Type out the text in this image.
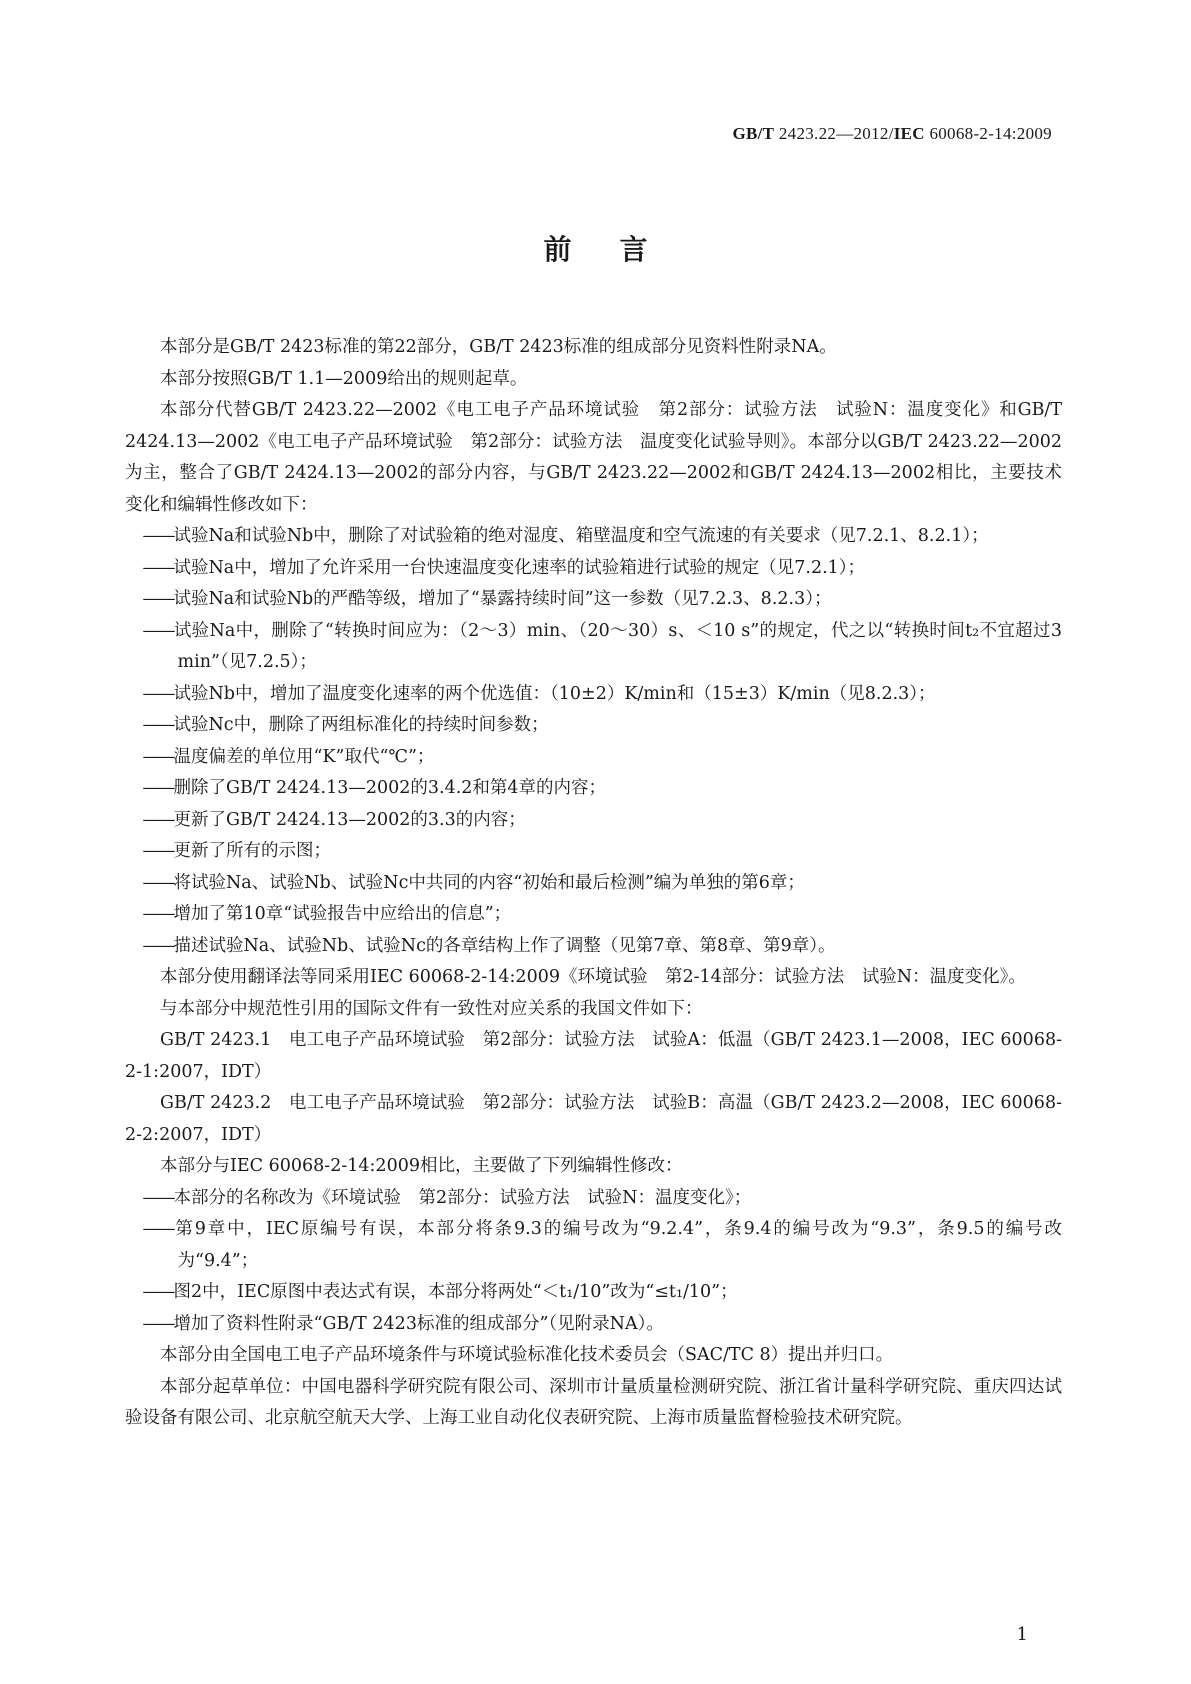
GB/T 2423.22—2012/IEC 60068-2-14:2009
前言

本部分是GB/T 2423标准的第22部分，GB/T 2423标准的组成部分见资料性附录NA。

本部分按照GB/T 1.1—2009给出的规则起草。

本部分代替GB/T 2423.22—2002《电工电子产品环境试验　第2部分：试验方法　试验N：温度变化》和GB/T 2424.13—2002《电工电子产品环境试验　第2部分：试验方法　温度变化试验导则》。本部分以GB/T 2423.22—2002为主，整合了GB/T 2424.13—2002的部分内容，与GB/T 2423.22—2002和GB/T 2424.13—2002相比，主要技术变化和编辑性修改如下：

——试验Na和试验Nb中，删除了对试验箱的绝对湿度、箱壁温度和空气流速的有关要求（见7.2.1、8.2.1）；

——试验Na中，增加了允许采用一台快速温度变化速率的试验箱进行试验的规定（见7.2.1）；

——试验Na和试验Nb的严酷等级，增加了“暴露持续时间”这一参数（见7.2.3、8.2.3）；

——试验Na中，删除了“转换时间应为：（2～3）min、（20～30）s、＜10 s”的规定，代之以“转换时间t₂不宜超过3 min”（见7.2.5）；

——试验Nb中，增加了温度变化速率的两个优选值：（10±2）K/min和（15±3）K/min（见8.2.3）；

——试验Nc中，删除了两组标准化的持续时间参数；

——温度偏差的单位用“K”取代“℃”；

——删除了GB/T 2424.13—2002的3.4.2和第4章的内容；

——更新了GB/T 2424.13—2002的3.3的内容；

——更新了所有的示图；

——将试验Na、试验Nb、试验Nc中共同的内容“初始和最后检测”编为单独的第6章；

——增加了第10章“试验报告中应给出的信息”；

——描述试验Na、试验Nb、试验Nc的各章结构上作了调整（见第7章、第8章、第9章）。

本部分使用翻译法等同采用IEC 60068-2-14:2009《环境试验　第2-14部分：试验方法　试验N：温度变化》。

与本部分中规范性引用的国际文件有一致性对应关系的我国文件如下：

GB/T 2423.1　电工电子产品环境试验　第2部分：试验方法　试验A：低温（GB/T 2423.1—2008，IEC 60068-2-1:2007，IDT）

GB/T 2423.2　电工电子产品环境试验　第2部分：试验方法　试验B：高温（GB/T 2423.2—2008，IEC 60068-2-2:2007，IDT）

本部分与IEC 60068-2-14:2009相比，主要做了下列编辑性修改：

——本部分的名称改为《环境试验　第2部分：试验方法　试验N：温度变化》；

——第9章中，IEC原编号有误，本部分将条9.3的编号改为“9.2.4”，条9.4的编号改为“9.3”，条9.5的编号改为“9.4”；

——图2中，IEC原图中表达式有误，本部分将两处“＜t₁/10”改为“≤t₁/10”；

——增加了资料性附录“GB/T 2423标准的组成部分”（见附录NA）。

本部分由全国电工电子产品环境条件与环境试验标准化技术委员会（SAC/TC 8）提出并归口。

本部分起草单位：中国电器科学研究院有限公司、深圳市计量质量检测研究院、浙江省计量科学研究院、重庆四达试验设备有限公司、北京航空航天大学、上海工业自动化仪表研究院、上海市质量监督检验技术研究院。

1
